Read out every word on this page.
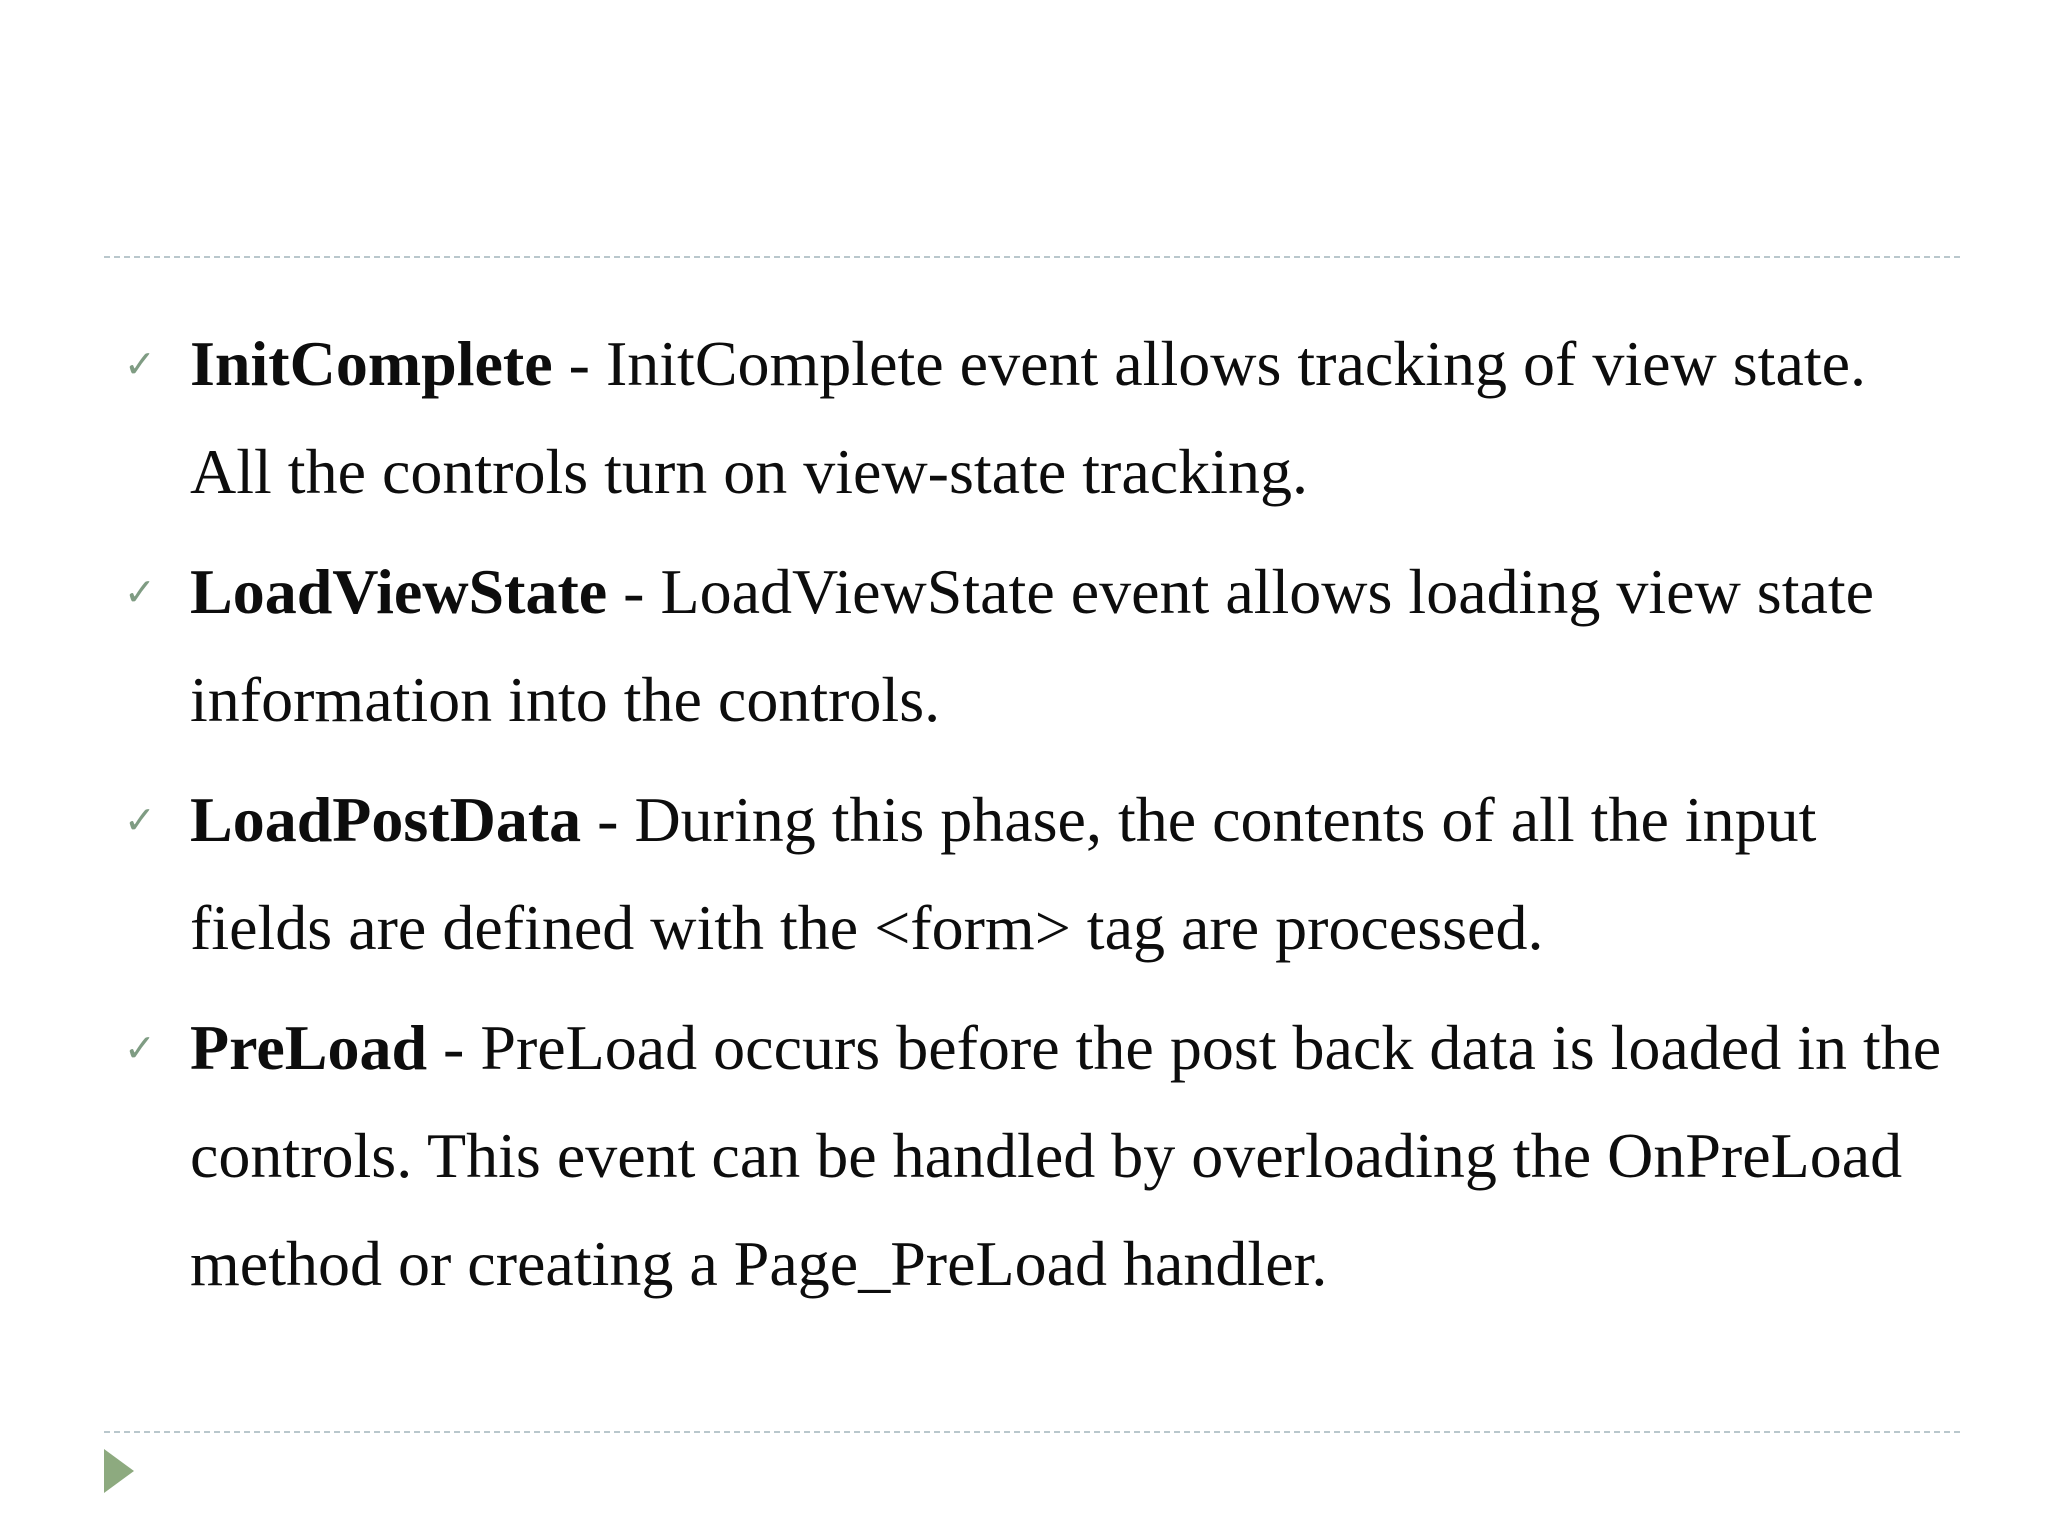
✓ InitComplete - InitComplete event allows tracking of view state. All the controls turn on view-state tracking.

✓ LoadViewState - LoadViewState event allows loading view state information into the controls.

✓ LoadPostData - During this phase, the contents of all the input fields are defined with the <form> tag are processed.

✓ PreLoad - PreLoad occurs before the post back data is loaded in the controls. This event can be handled by overloading the OnPreLoad method or creating a Page_PreLoad handler.
